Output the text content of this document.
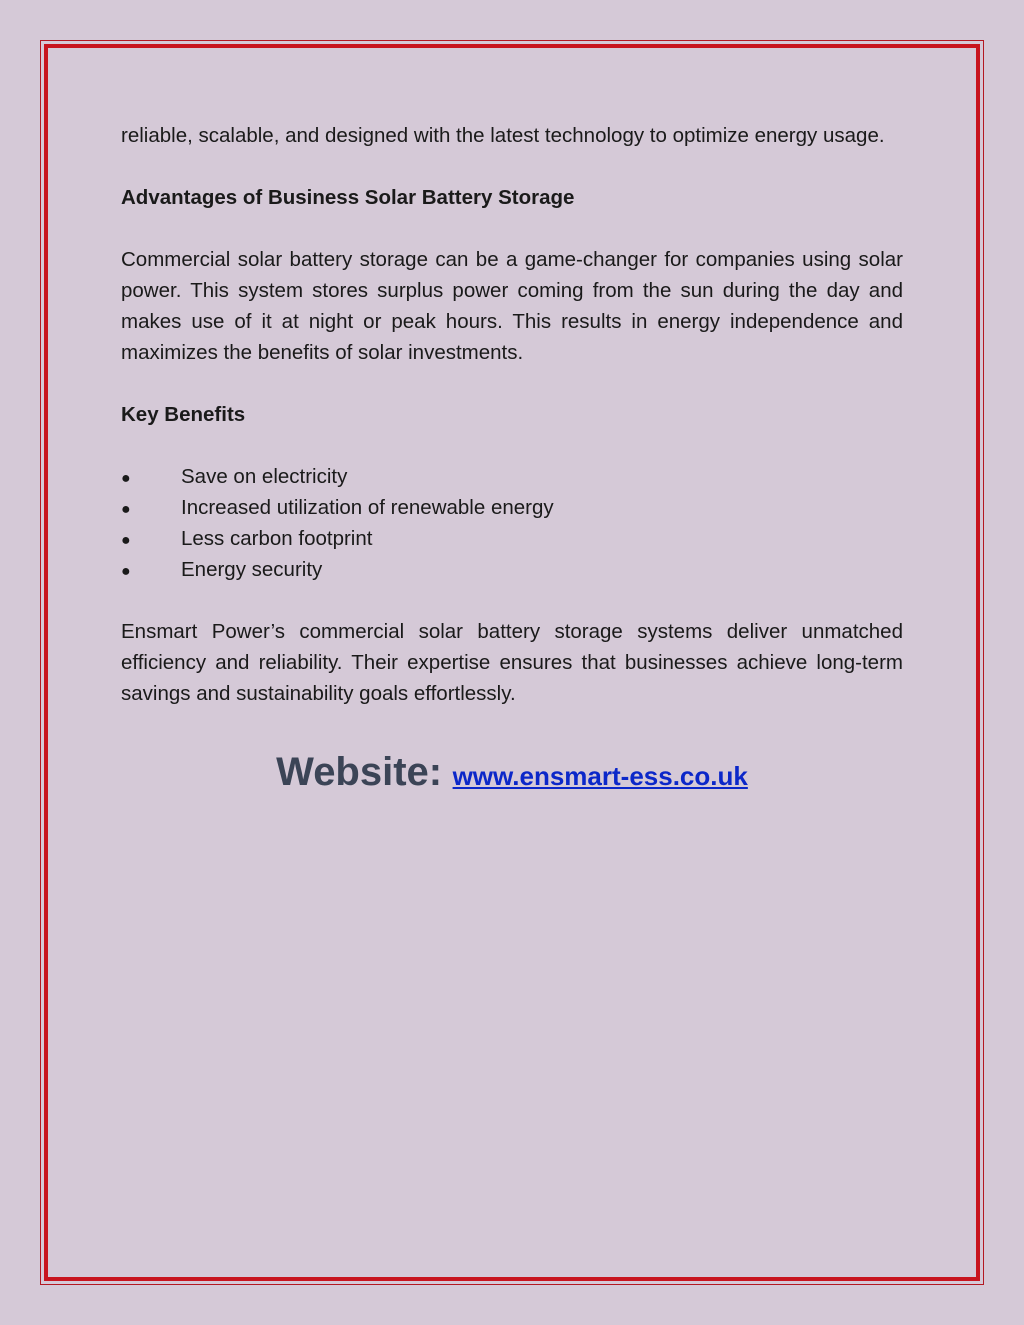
reliable, scalable, and designed with the latest technology to optimize energy usage.

Advantages of Business Solar Battery Storage

Commercial solar battery storage can be a game-changer for companies using solar power. This system stores surplus power coming from the sun during the day and makes use of it at night or peak hours. This results in energy independence and maximizes the benefits of solar investments.

Key Benefits

●	Save on electricity
●	Increased utilization of renewable energy
●	Less carbon footprint
●	Energy security

Ensmart Power’s commercial solar battery storage systems deliver unmatched efficiency and reliability. Their expertise ensures that businesses achieve long-term savings and sustainability goals effortlessly.

Website: www.ensmart-ess.co.uk
